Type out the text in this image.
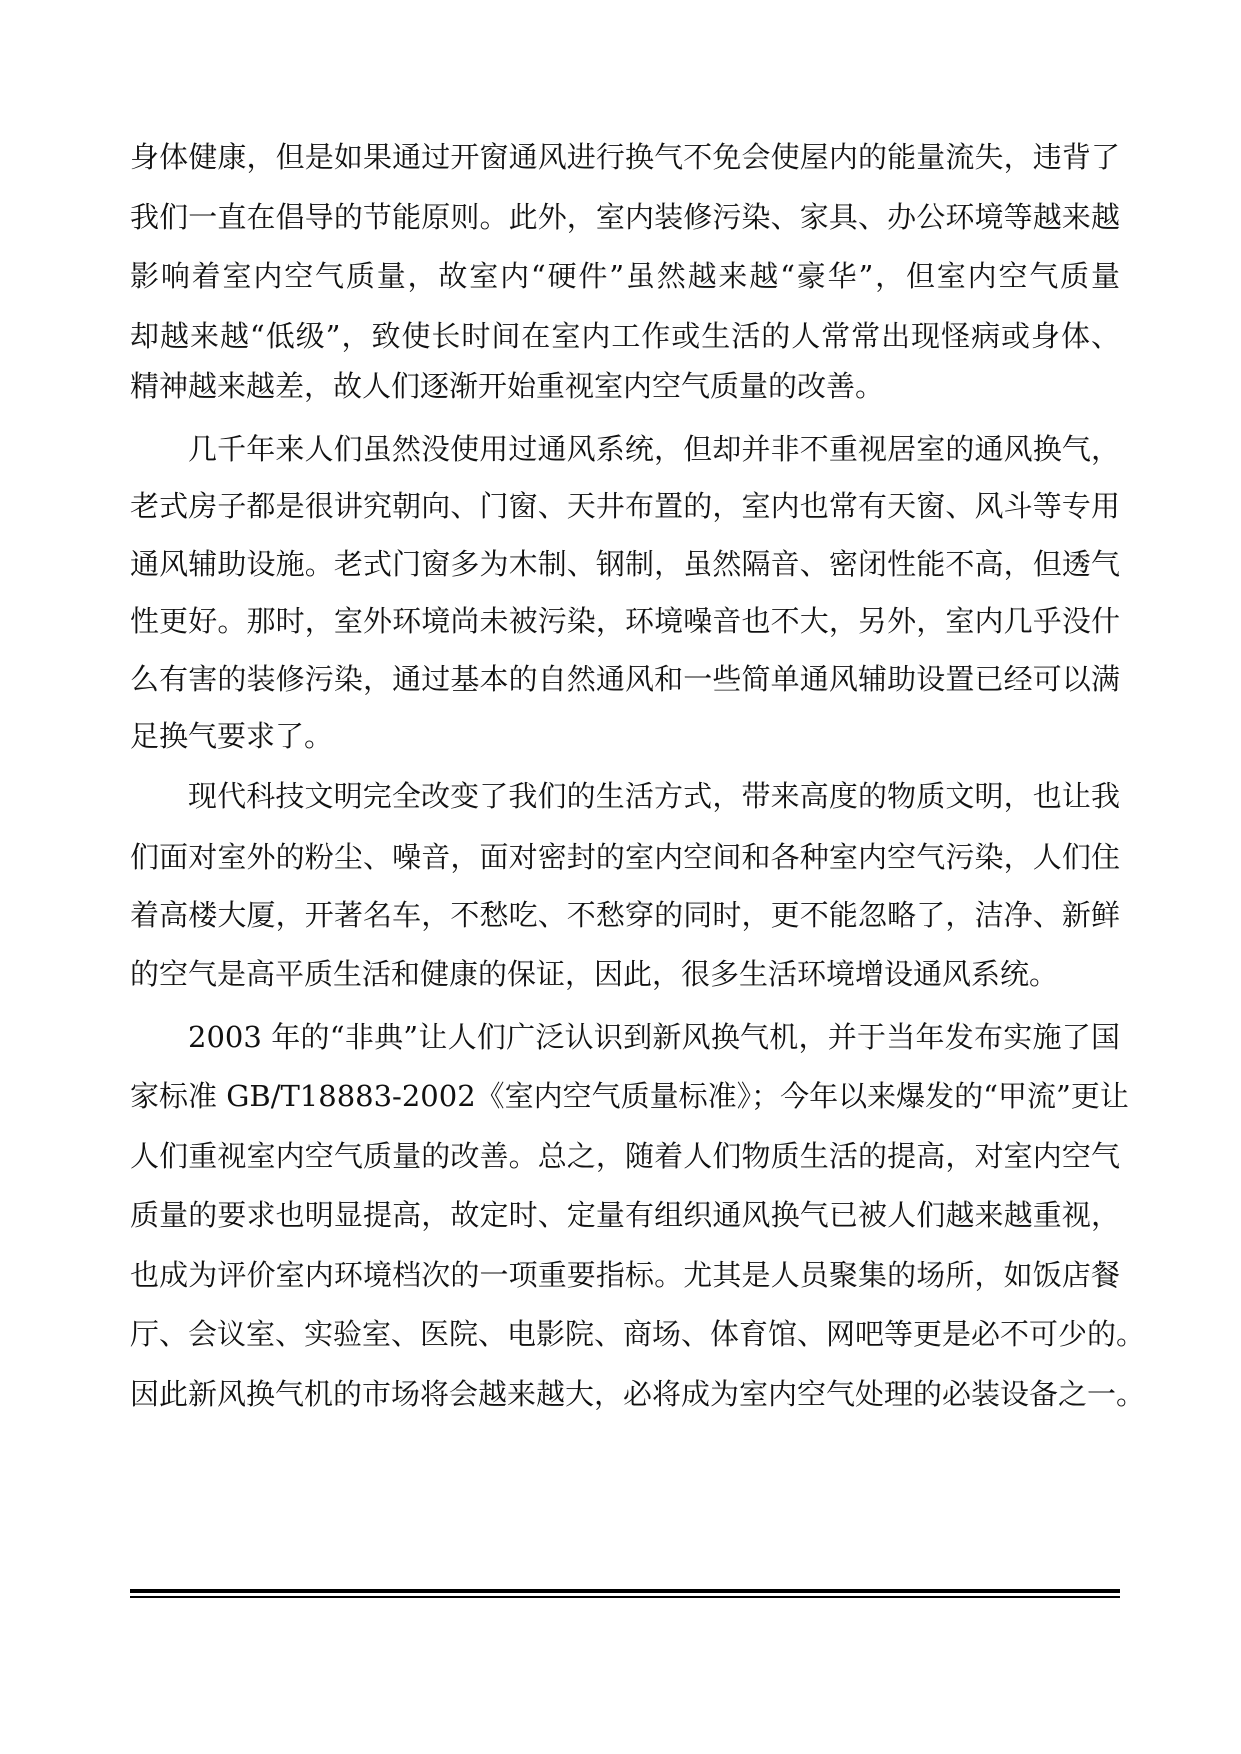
身体健康，但是如果通过开窗通风进行换气不免会使屋内的能量流失，违背了
我们一直在倡导的节能原则。此外，室内装修污染、家具、办公环境等越来越
影响着室内空气质量，故室内“硬件”虽然越来越“豪华”，但室内空气质量
却越来越“低级”，致使长时间在室内工作或生活的人常常出现怪病或身体、
精神越来越差，故人们逐渐开始重视室内空气质量的改善。
几千年来人们虽然没使用过通风系统，但却并非不重视居室的通风换气，
老式房子都是很讲究朝向、门窗、天井布置的，室内也常有天窗、风斗等专用
通风辅助设施。老式门窗多为木制、钢制，虽然隔音、密闭性能不高，但透气
性更好。那时，室外环境尚未被污染，环境噪音也不大，另外，室内几乎没什
么有害的装修污染，通过基本的自然通风和一些简单通风辅助设置已经可以满
足换气要求了。
现代科技文明完全改变了我们的生活方式，带来高度的物质文明，也让我
们面对室外的粉尘、噪音，面对密封的室内空间和各种室内空气污染，人们住
着高楼大厦，开著名车，不愁吃、不愁穿的同时，更不能忽略了，洁净、新鲜
的空气是高平质生活和健康的保证，因此，很多生活环境增设通风系统。
2003 年的“非典”让人们广泛认识到新风换气机，并于当年发布实施了国
家标准 GB/T18883-2002《室内空气质量标准》；今年以来爆发的“甲流”更让
人们重视室内空气质量的改善。总之，随着人们物质生活的提高，对室内空气
质量的要求也明显提高，故定时、定量有组织通风换气已被人们越来越重视，
也成为评价室内环境档次的一项重要指标。尤其是人员聚集的场所，如饭店餐
厅、会议室、实验室、医院、电影院、商场、体育馆、网吧等更是必不可少的。
因此新风换气机的市场将会越来越大，必将成为室内空气处理的必装设备之一。
